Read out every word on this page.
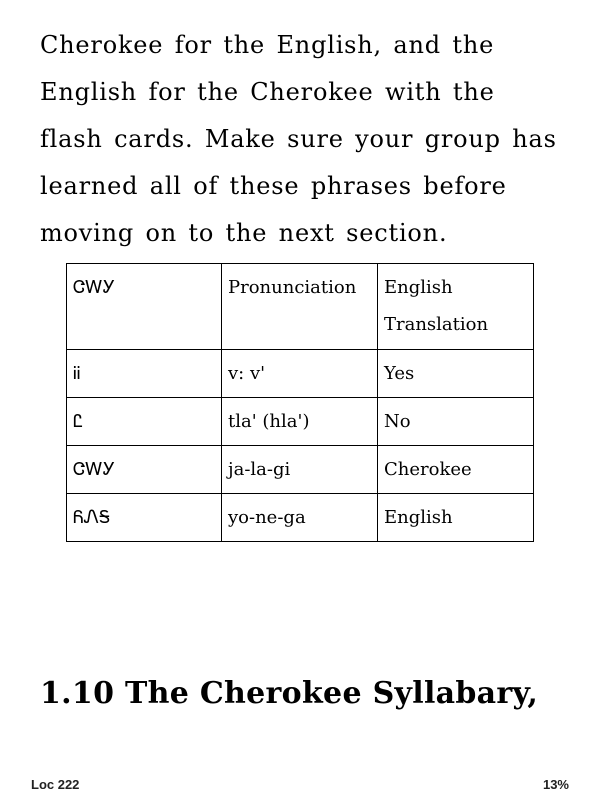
Cherokee for the English, and the English for the Cherokee with the flash cards. Make sure your group has learned all of these phrases before moving on to the next section.

ᏣᎳᎩ	Pronunciation	English Translation
ᎥᎥ	v: v'	Yes
Ꮭ	tla' (hla')	No
ᏣᎳᎩ	ja-la-gi	Cherokee
ᏲᏁᎦ	yo-ne-ga	English
1.10 The Cherokee Syllabary,
Loc 222	13%
